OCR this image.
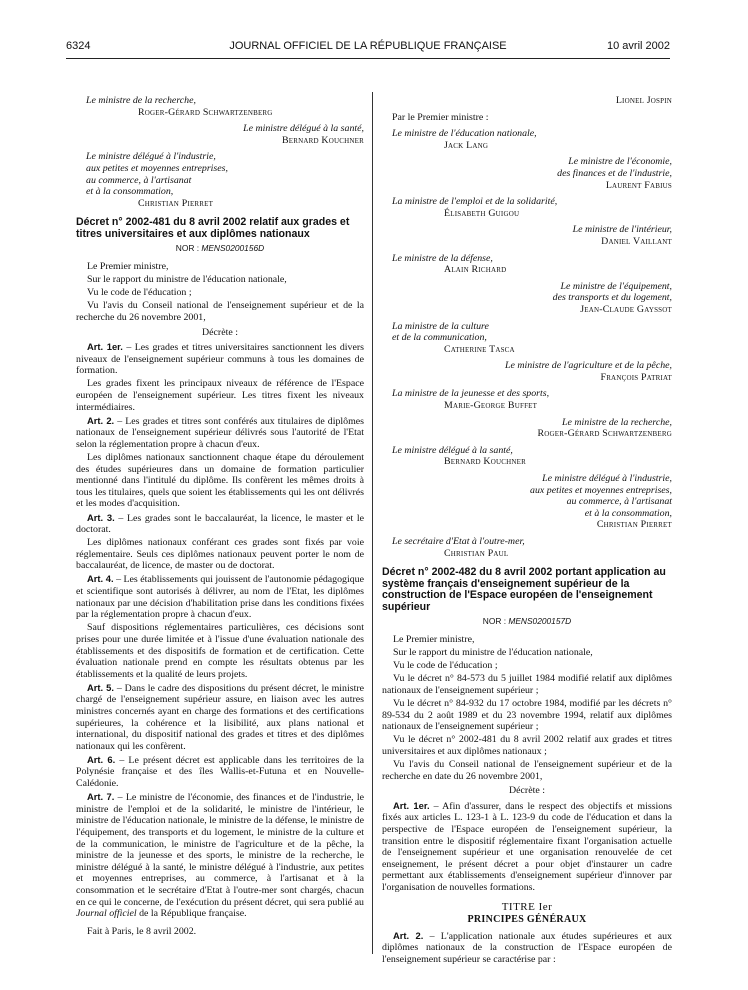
6324	JOURNAL OFFICIEL DE LA RÉPUBLIQUE FRANÇAISE	10 avril 2002
Le ministre de la recherche,
Roger-Gérard Schwartzenberg
Le ministre délégué à la santé,
Bernard Kouchner
Le ministre délégué à l'industrie,
aux petites et moyennes entreprises,
au commerce, à l'artisanat
et à la consommation,
Christian Pierret
Décret n° 2002-481 du 8 avril 2002 relatif aux grades et titres universitaires et aux diplômes nationaux
NOR : MENS0200156D

Le Premier ministre,

Sur le rapport du ministre de l'éducation nationale,

Vu le code de l'éducation ;

Vu l'avis du Conseil national de l'enseignement supérieur et de la recherche du 26 novembre 2001,

Décrète :

Art. 1er. – Les grades et titres universitaires sanctionnent les divers niveaux de l'enseignement supérieur communs à tous les domaines de formation.

Les grades fixent les principaux niveaux de référence de l'Espace européen de l'enseignement supérieur. Les titres fixent les niveaux intermédiaires.

Art. 2. – Les grades et titres sont conférés aux titulaires de diplômes nationaux de l'enseignement supérieur délivrés sous l'autorité de l'Etat selon la réglementation propre à chacun d'eux.

Les diplômes nationaux sanctionnent chaque étape du déroulement des études supérieures dans un domaine de formation particulier mentionné dans l'intitulé du diplôme. Ils confèrent les mêmes droits à tous les titulaires, quels que soient les établissements qui les ont délivrés et les modes d'acquisition.

Art. 3. – Les grades sont le baccalauréat, la licence, le master et le doctorat.

Les diplômes nationaux conférant ces grades sont fixés par voie réglementaire. Seuls ces diplômes nationaux peuvent porter le nom de baccalauréat, de licence, de master ou de doctorat.

Art. 4. – Les établissements qui jouissent de l'autonomie pédagogique et scientifique sont autorisés à délivrer, au nom de l'Etat, les diplômes nationaux par une décision d'habilitation prise dans les conditions fixées par la réglementation propre à chacun d'eux.

Sauf dispositions réglementaires particulières, ces décisions sont prises pour une durée limitée et à l'issue d'une évaluation nationale des établissements et des dispositifs de formation et de certification. Cette évaluation nationale prend en compte les résultats obtenus par les établissements et la qualité de leurs projets.

Art. 5. – Dans le cadre des dispositions du présent décret, le ministre chargé de l'enseignement supérieur assure, en liaison avec les autres ministres concernés ayant en charge des formations et des certifications supérieures, la cohérence et la lisibilité, aux plans national et international, du dispositif national des grades et titres et des diplômes nationaux qui les confèrent.

Art. 6. – Le présent décret est applicable dans les territoires de la Polynésie française et des îles Wallis-et-Futuna et en Nouvelle-Calédonie.

Art. 7. – Le ministre de l'économie, des finances et de l'industrie, le ministre de l'emploi et de la solidarité, le ministre de l'intérieur, le ministre de l'éducation nationale, le ministre de la défense, le ministre de l'équipement, des transports et du logement, le ministre de la culture et de la communication, le ministre de l'agriculture et de la pêche, la ministre de la jeunesse et des sports, le ministre de la recherche, le ministre délégué à la santé, le ministre délégué à l'industrie, aux petites et moyennes entreprises, au commerce, à l'artisanat et à la consommation et le secrétaire d'Etat à l'outre-mer sont chargés, chacun en ce qui le concerne, de l'exécution du présent décret, qui sera publié au Journal officiel de la République française.

Fait à Paris, le 8 avril 2002.

Lionel Jospin
Par le Premier ministre :
Le ministre de l'éducation nationale,
Jack Lang
Le ministre de l'économie,
des finances et de l'industrie,
Laurent Fabius
La ministre de l'emploi et de la solidarité,
Élisabeth Guigou
Le ministre de l'intérieur,
Daniel Vaillant
Le ministre de la défense,
Alain Richard
Le ministre de l'équipement,
des transports et du logement,
Jean-Claude Gayssot
La ministre de la culture
et de la communication,
Catherine Tasca
Le ministre de l'agriculture et de la pêche,
François Patriat
La ministre de la jeunesse et des sports,
Marie-George Buffet
Le ministre de la recherche,
Roger-Gérard Schwartzenberg
Le ministre délégué à la santé,
Bernard Kouchner
Le ministre délégué à l'industrie,
aux petites et moyennes entreprises,
au commerce, à l'artisanat
et à la consommation,
Christian Pierret
Le secrétaire d'Etat à l'outre-mer,
Christian Paul
Décret n° 2002-482 du 8 avril 2002 portant application au système français d'enseignement supérieur de la construction de l'Espace européen de l'enseignement supérieur
NOR : MENS0200157D

Le Premier ministre,

Sur le rapport du ministre de l'éducation nationale,

Vu le code de l'éducation ;

Vu le décret n° 84-573 du 5 juillet 1984 modifié relatif aux diplômes nationaux de l'enseignement supérieur ;

Vu le décret n° 84-932 du 17 octobre 1984, modifié par les décrets n° 89-534 du 2 août 1989 et du 23 novembre 1994, relatif aux diplômes nationaux de l'enseignement supérieur ;

Vu le décret n° 2002-481 du 8 avril 2002 relatif aux grades et titres universitaires et aux diplômes nationaux ;

Vu l'avis du Conseil national de l'enseignement supérieur et de la recherche en date du 26 novembre 2001,

Décrète :

Art. 1er. – Afin d'assurer, dans le respect des objectifs et missions fixés aux articles L. 123-1 à L. 123-9 du code de l'éducation et dans la perspective de l'Espace européen de l'enseignement supérieur, la transition entre le dispositif réglementaire fixant l'organisation actuelle de l'enseignement supérieur et une organisation renouvelée de cet enseignement, le présent décret a pour objet d'instaurer un cadre permettant aux établissements d'enseignement supérieur d'innover par l'organisation de nouvelles formations.

TITRE Ier
PRINCIPES GÉNÉRAUX

Art. 2. – L'application nationale aux études supérieures et aux diplômes nationaux de la construction de l'Espace européen de l'enseignement supérieur se caractérise par :
